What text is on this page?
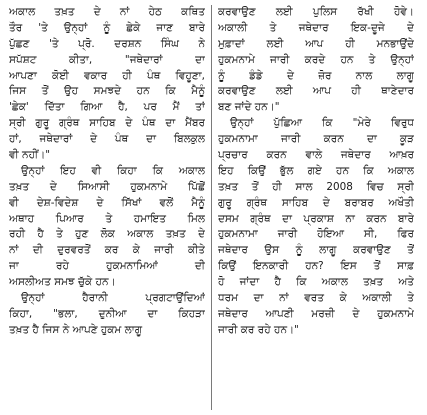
ਅਕਾਲ ਤਖ਼ਤ ਦੇ ਨਾਂ ਹੇਠ ਕਥਿਤ
ਤੌਰ 'ਤੇ ਉਨ੍ਹਾਂ ਨੂੰ ਛੇਕੇ ਜਾਣ ਬਾਰੇ
ਪੁੱਛਣ 'ਤੇ ਪ੍ਰੋ. ਦਰਸ਼ਨ ਸਿੰਘ ਨੇ
ਸਪੱਸ਼ਟ ਕੀਤਾ, "ਜਥੇਦਾਰਾਂ ਦਾ
ਆਪਣਾ ਕੋਈ ਵਕਾਰ ਹੀ ਪੰਥ ਵਿਹੂਣਾ,
ਜਿਸ ਤੋਂ ਉਹ ਸਮਝਦੇ ਹਨ ਕਿ ਮੈਨੂੰ
'ਛੇਕ' ਦਿੱਤਾ ਗਿਆ ਹੈ, ਪਰ ਮੈਂ ਤਾਂ
ਸ੍ਰੀ ਗੁਰੂ ਗ੍ਰੰਥ ਸਾਹਿਬ ਦੇ ਪੰਥ ਦਾ ਮੈਂਬਰ
ਹਾਂ, ਜਥੇਦਾਰਾਂ ਦੇ ਪੰਥ ਦਾ ਬਿਲਕੁਲ
ਵੀ ਨਹੀਂ।"
ਉਨ੍ਹਾਂ ਇਹ ਵੀ ਕਿਹਾ ਕਿ ਅਕਾਲ
ਤਖ਼ਤ ਦੇ ਸਿਆਸੀ ਹੁਕਮਨਾਮੇ ਪਿੱਛੋਂ
ਵੀ ਦੇਸ਼-ਵਿਦੇਸ਼ ਦੇ ਸਿੱਖਾਂ ਵਲੋਂ ਮੈਨੂੰ
ਅਥਾਹ ਪਿਆਰ ਤੇ ਹਮਾਇਤ ਮਿਲ
ਰਹੀ ਹੈ ਤੇ ਹੁਣ ਲੋਕ ਅਕਾਲ ਤਖ਼ਤ ਦੇ
ਨਾਂ ਦੀ ਦੁਰਵਰਤੋਂ ਕਰ ਕੇ ਜਾਰੀ ਕੀਤੇ
ਜਾ ਰਹੇ ਹੁਕਮਨਾਮਿਆਂ ਦੀ
ਅਸਲੀਅਤ ਸਮਝ ਚੁੱਕੇ ਹਨ।
ਉਨ੍ਹਾਂ ਹੈਰਾਨੀ ਪ੍ਰਗਟਾਉਂਦਿਆਂ
ਕਿਹਾ, "ਭਲਾ, ਦੁਨੀਆ ਦਾ ਕਿਹੜਾ
ਤਖ਼ਤ ਹੈ ਜਿਸ ਨੇ ਆਪਣੇ ਹੁਕਮ ਲਾਗੂ
ਕਰਵਾਉਣ ਲਈ ਪੁਲਿਸ ਰੱਖੀ ਹੋਵੇ।
ਅਕਾਲੀ ਤੇ ਜਥੇਦਾਰ ਇਕ-ਦੂਜੇ ਦੇ
ਮੁਫ਼ਾਦਾਂ ਲਈ ਆਪ ਹੀ ਮਨਭਾਉਂਦੇ
ਹੁਕਮਨਾਮੇ ਜਾਰੀ ਕਰਦੇ ਹਨ ਤੇ ਉਨ੍ਹਾਂ
ਨੂੰ ਡੰਡੇ ਦੇ ਜ਼ੋਰ ਨਾਲ ਲਾਗੂ
ਕਰਵਾਉਣ ਲਈ ਆਪ ਹੀ ਥਾਣੇਦਾਰ
ਬਣ ਜਾਂਦੇ ਹਨ।"
ਉਨ੍ਹਾਂ ਪੁੱਛਿਆ ਕਿ "ਮੇਰੇ ਵਿਰੁਧ
ਹੁਕਮਨਾਮਾ ਜਾਰੀ ਕਰਨ ਦਾ ਕੂੜ
ਪ੍ਰਚਾਰ ਕਰਨ ਵਾਲੇ ਜਥੇਦਾਰ ਆਖ਼ਰ
ਇਹ ਕਿਉਂ ਭੁੱਲ ਗਏ ਹਨ ਕਿ ਅਕਾਲ
ਤਖ਼ਤ ਤੋਂ ਹੀ ਸਾਲ 2008 ਵਿਚ ਸ੍ਰੀ
ਗੁਰੂ ਗ੍ਰੰਥ ਸਾਹਿਬ ਦੇ ਬਰਾਬਰ ਅਖੌਤੀ
ਦਸਮ ਗ੍ਰੰਥ ਦਾ ਪ੍ਰਕਾਸ਼ ਨਾ ਕਰਨ ਬਾਰੇ
ਹੁਕਮਨਾਮਾ ਜਾਰੀ ਹੋਇਆ ਸੀ, ਫਿਰ
ਜਥੇਦਾਰ ਉਸ ਨੂੰ ਲਾਗੂ ਕਰਵਾਉਣ ਤੋਂ
ਕਿਉਂ ਇਨਕਾਰੀ ਹਨ? ਇਸ ਤੋਂ ਸਾਫ਼
ਹੋ ਜਾਂਦਾ ਹੈ ਕਿ ਅਕਾਲ ਤਖ਼ਤ ਅਤੇ
ਧਰਮ ਦਾ ਨਾਂ ਵਰਤ ਕੇ ਅਕਾਲੀ ਤੇ
ਜਥੇਦਾਰ ਆਪਣੀ ਮਰਜ਼ੀ ਦੇ ਹੁਕਮਨਾਮੇ
ਜਾਰੀ ਕਰ ਰਹੇ ਹਨ।"
